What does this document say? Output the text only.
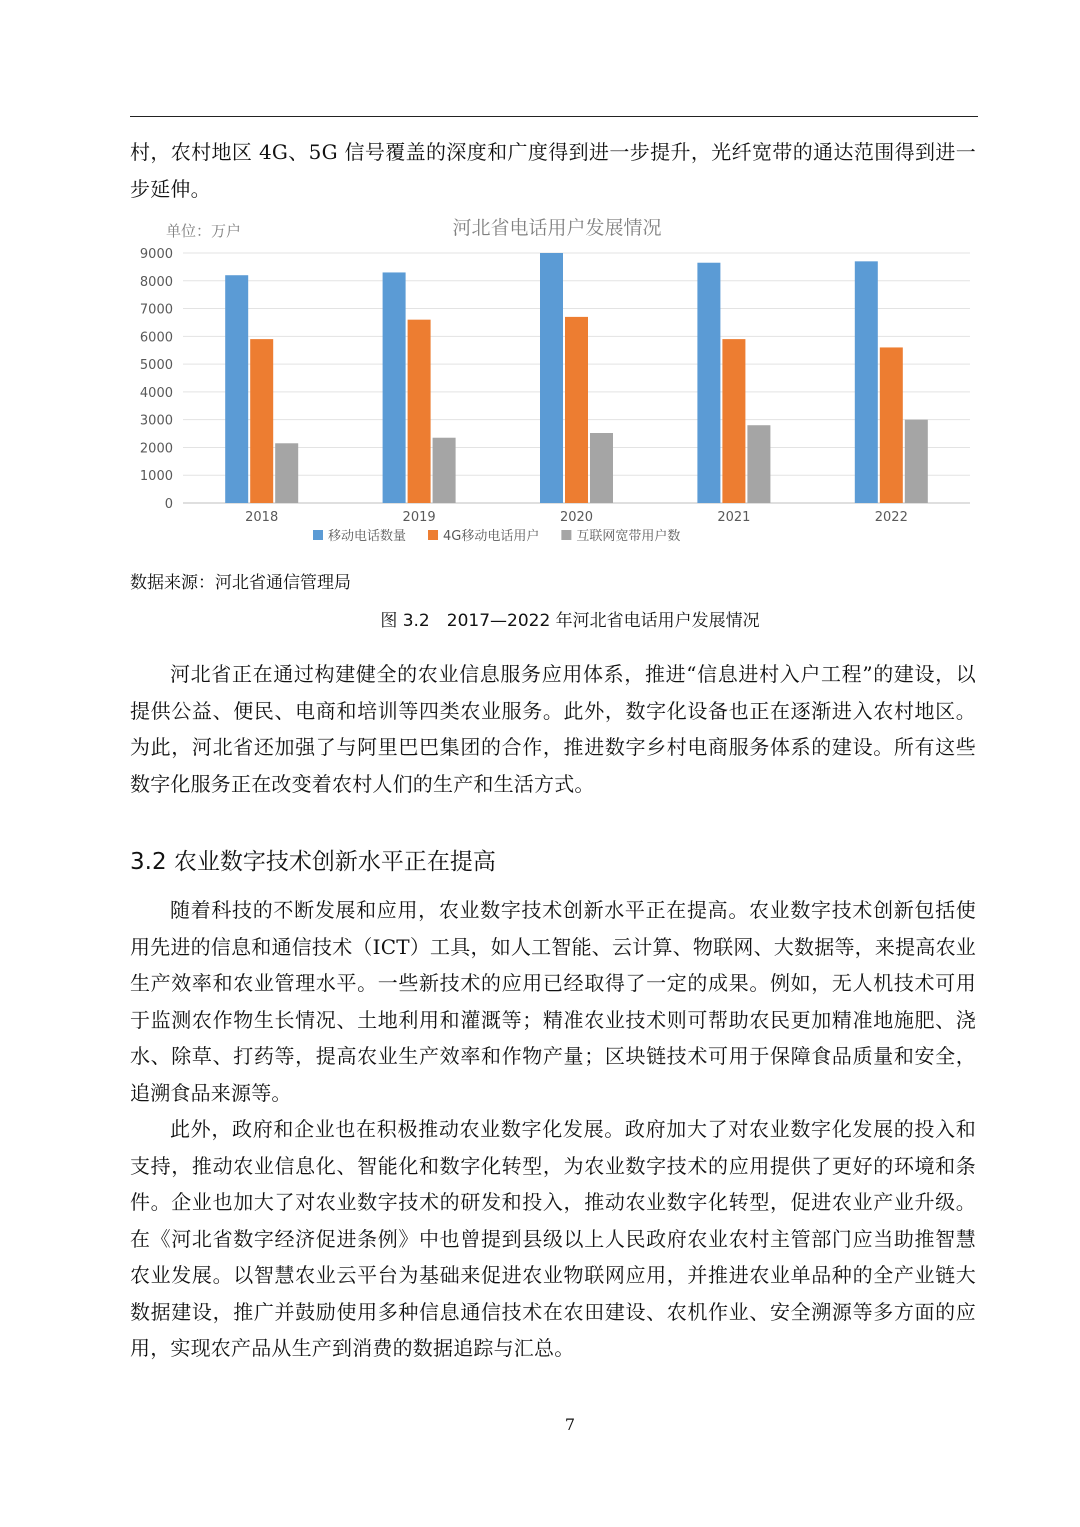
村，农村地区 4G、5G 信号覆盖的深度和广度得到进一步提升，光纤宽带的通达范围得到进一步延伸。

单位：万户	河北省电话用户发展情况
0
1000
2000
3000
4000
5000
6000
7000
8000
9000
2018	2019	2020	2021	2022
移动电话数量	4G移动电话用户	互联网宽带用户数

数据来源：河北省通信管理局

图 3.2　2017—2022 年河北省电话用户发展情况

河北省正在通过构建健全的农业信息服务应用体系，推进“信息进村入户工程”的建设，以提供公益、便民、电商和培训等四类农业服务。此外，数字化设备也正在逐渐进入农村地区。为此，河北省还加强了与阿里巴巴集团的合作，推进数字乡村电商服务体系的建设。所有这些数字化服务正在改变着农村人们的生产和生活方式。

3.2 农业数字技术创新水平正在提高

随着科技的不断发展和应用，农业数字技术创新水平正在提高。农业数字技术创新包括使用先进的信息和通信技术（ICT）工具，如人工智能、云计算、物联网、大数据等，来提高农业生产效率和农业管理水平。一些新技术的应用已经取得了一定的成果。例如，无人机技术可用于监测农作物生长情况、土地利用和灌溉等；精准农业技术则可帮助农民更加精准地施肥、浇水、除草、打药等，提高农业生产效率和作物产量；区块链技术可用于保障食品质量和安全，追溯食品来源等。

此外，政府和企业也在积极推动农业数字化发展。政府加大了对农业数字化发展的投入和支持，推动农业信息化、智能化和数字化转型，为农业数字技术的应用提供了更好的环境和条件。企业也加大了对农业数字技术的研发和投入，推动农业数字化转型，促进农业产业升级。在《河北省数字经济促进条例》中也曾提到县级以上人民政府农业农村主管部门应当助推智慧农业发展。以智慧农业云平台为基础来促进农业物联网应用，并推进农业单品种的全产业链大数据建设，推广并鼓励使用多种信息通信技术在农田建设、农机作业、安全溯源等多方面的应用，实现农产品从生产到消费的数据追踪与汇总。

7
